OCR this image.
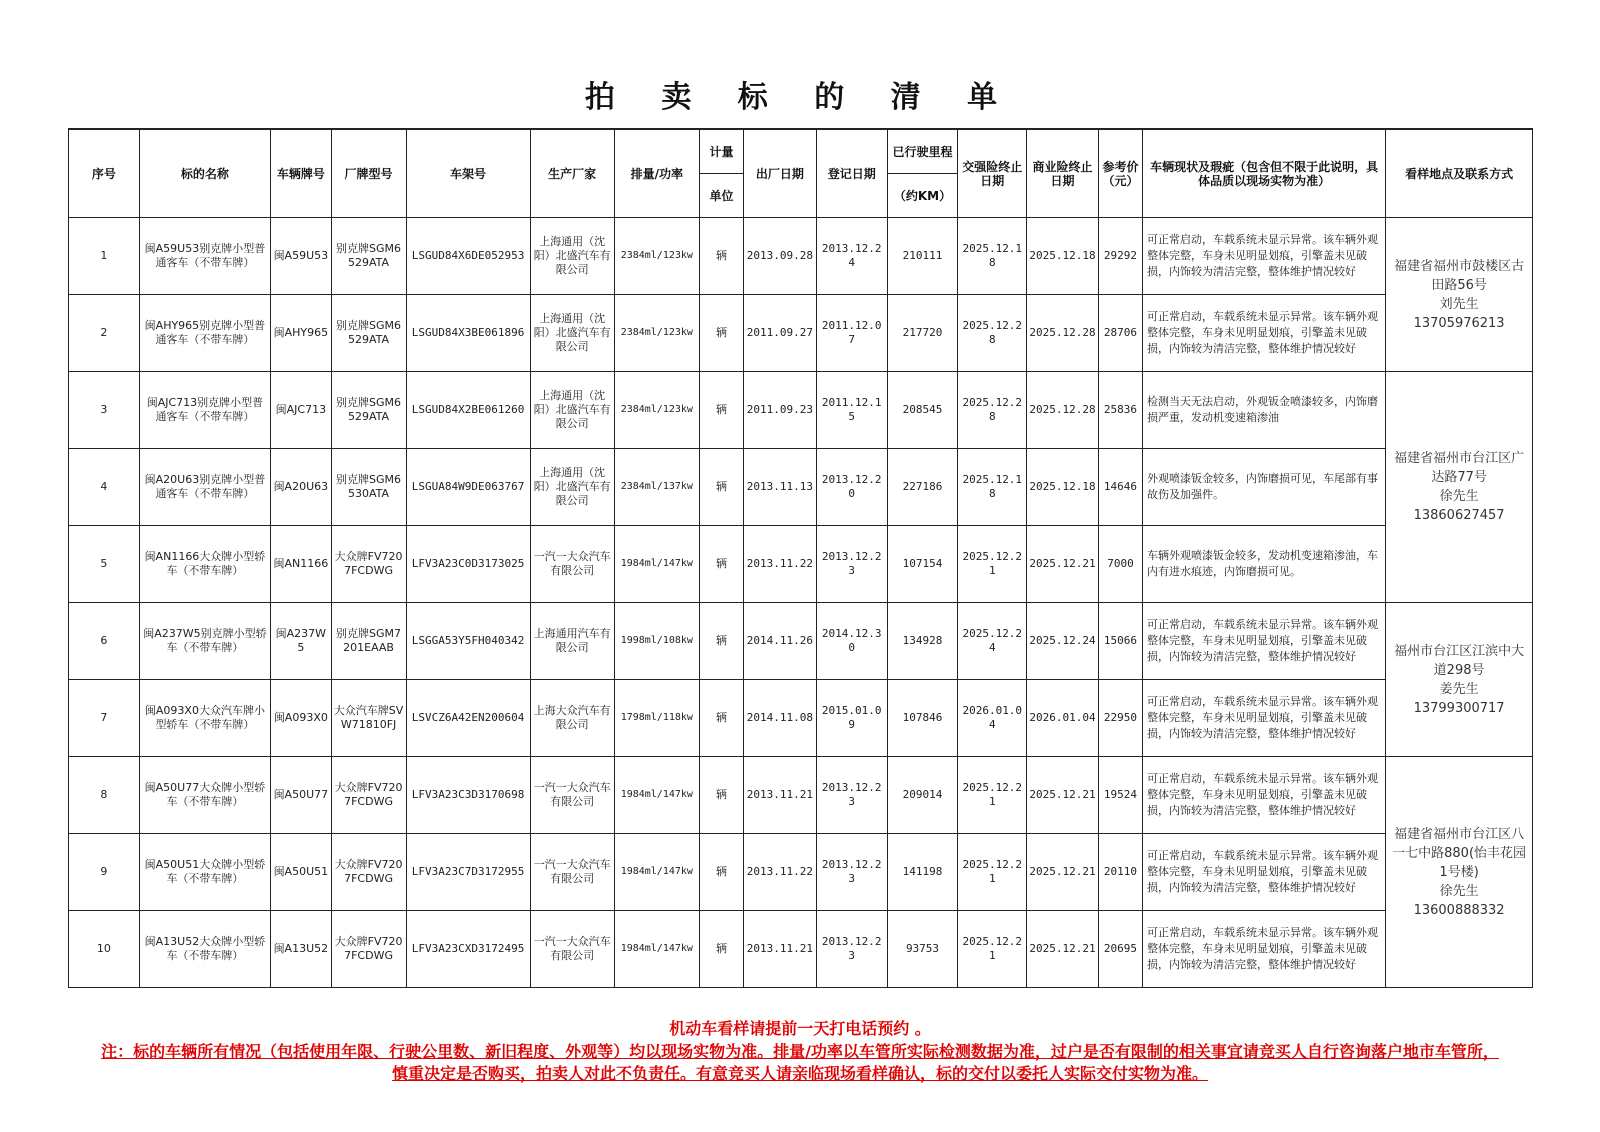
拍 卖 标 的 清 单
序号	标的名称	车辆牌号	厂牌型号	车架号	生产厂家	排量/功率	计量	出厂日期	登记日期	已行驶里程	交强险终止日期	商业险终止日期	参考价（元）	车辆现状及瑕疵（包含但不限于此说明，具体品质以现场实物为准）	看样地点及联系方式
							单位			（约KM）					
1	闽A59U53别克牌小型普通客车（不带车牌）	闽A59U53	别克牌SGM6529ATA	LSGUD84X6DE052953	上海通用（沈阳）北盛汽车有限公司	2384ml/123kw	辆	2013.09.28	2013.12.24	210111	2025.12.18	2025.12.18	29292	可正常启动，车载系统未显示异常。该车辆外观整体完整，车身未见明显划痕，引擎盖未见破损，内饰较为清洁完整，整体维护情况较好	福建省福州市鼓楼区古田路56号
刘先生
13705976213

2	闽AHY965别克牌小型普通客车（不带车牌）	闽AHY965	别克牌SGM6529ATA	LSGUD84X3BE061896	上海通用（沈阳）北盛汽车有限公司	2384ml/123kw	辆	2011.09.27	2011.12.07	217720	2025.12.28	2025.12.28	28706	可正常启动，车载系统未显示异常。该车辆外观整体完整，车身未见明显划痕，引擎盖未见破损，内饰较为清洁完整，整体维护情况较好	
3	闽AJC713别克牌小型普通客车（不带车牌）	闽AJC713	别克牌SGM6529ATA	LSGUD84X2BE061260	上海通用（沈阳）北盛汽车有限公司	2384ml/123kw	辆	2011.09.23	2011.12.15	208545	2025.12.28	2025.12.28	25836	检测当天无法启动，外观钣金喷漆较多，内饰磨损严重，发动机变速箱渗油	福建省福州市台江区广达路77号
徐先生
13860627457

4	闽A20U63别克牌小型普通客车（不带车牌）	闽A20U63	别克牌SGM6530ATA	LSGUA84W9DE063767	上海通用（沈阳）北盛汽车有限公司	2384ml/137kw	辆	2013.11.13	2013.12.20	227186	2025.12.18	2025.12.18	14646	外观喷漆钣金较多，内饰磨损可见，车尾部有事故伤及加强件。	
5	闽AN1166大众牌小型轿车（不带车牌）	闽AN1166	大众牌FV7207FCDWG	LFV3A23C0D3173025	一汽一大众汽车有限公司	1984ml/147kw	辆	2013.11.22	2013.12.23	107154	2025.12.21	2025.12.21	7000	车辆外观喷漆钣金较多，发动机变速箱渗油，车内有进水痕迹，内饰磨损可见。	
6	闽A237W5别克牌小型轿车（不带车牌）	闽A237W5	别克牌SGM7201EAAB	LSGGA53Y5FH040342	上海通用汽车有限公司	1998ml/108kw	辆	2014.11.26	2014.12.30	134928	2025.12.24	2025.12.24	15066	可正常启动，车载系统未显示异常。该车辆外观整体完整，车身未见明显划痕，引擎盖未见破损，内饰较为清洁完整，整体维护情况较好	福州市台江区江滨中大道298号
姜先生
13799300717

7	闽A093X0大众汽车牌小型轿车（不带车牌）	闽A093X0	大众汽车牌SVW71810FJ	LSVCZ6A42EN200604	上海大众汽车有限公司	1798ml/118kw	辆	2014.11.08	2015.01.09	107846	2026.01.04	2026.01.04	22950	可正常启动，车载系统未显示异常。该车辆外观整体完整，车身未见明显划痕，引擎盖未见破损，内饰较为清洁完整，整体维护情况较好	
8	闽A50U77大众牌小型轿车（不带车牌）	闽A50U77	大众牌FV7207FCDWG	LFV3A23C3D3170698	一汽一大众汽车有限公司	1984ml/147kw	辆	2013.11.21	2013.12.23	209014	2025.12.21	2025.12.21	19524	可正常启动，车载系统未显示异常。该车辆外观整体完整，车身未见明显划痕，引擎盖未见破损，内饰较为清洁完整，整体维护情况较好	福建省福州市台江区八一七中路880(怡丰花园1号楼)
徐先生
13600888332

9	闽A50U51大众牌小型轿车（不带车牌）	闽A50U51	大众牌FV7207FCDWG	LFV3A23C7D3172955	一汽一大众汽车有限公司	1984ml/147kw	辆	2013.11.22	2013.12.23	141198	2025.12.21	2025.12.21	20110	可正常启动，车载系统未显示异常。该车辆外观整体完整，车身未见明显划痕，引擎盖未见破损，内饰较为清洁完整，整体维护情况较好	
10	闽A13U52大众牌小型轿车（不带车牌）	闽A13U52	大众牌FV7207FCDWG	LFV3A23CXD3172495	一汽一大众汽车有限公司	1984ml/147kw	辆	2013.11.21	2013.12.23	93753	2025.12.21	2025.12.21	20695	可正常启动，车载系统未显示异常。该车辆外观整体完整，车身未见明显划痕，引擎盖未见破损，内饰较为清洁完整，整体维护情况较好	
机动车看样请提前一天打电话预约 。
注：标的车辆所有情况（包括使用年限、行驶公里数、新旧程度、外观等）均以现场实物为准。排量/功率以车管所实际检测数据为准，过户是否有限制的相关事宜请竞买人自行咨询落户地市车管所，慎重决定是否购买，拍卖人对此不负责任。有意竞买人请亲临现场看样确认，标的交付以委托人实际交付实物为准。
